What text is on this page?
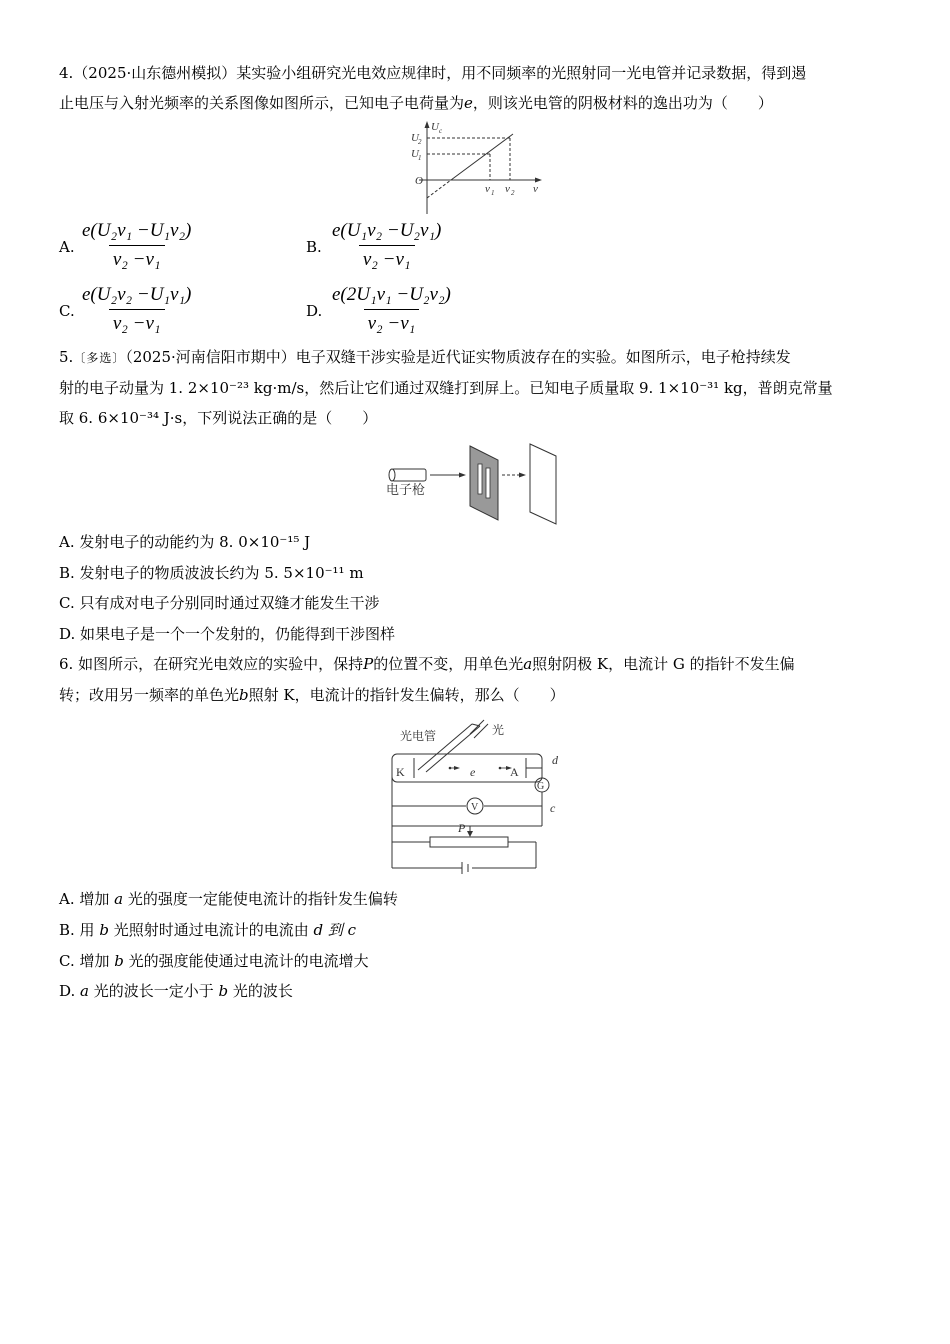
4.（2025·山东德州模拟）某实验小组研究光电效应规律时，用不同频率的光照射同一光电管并记录数据，得到遏
止电压与入射光频率的关系图像如图所示，已知电子电荷量为e，则该光电管的阴极材料的逸出功为（　　）
U c
U 2
U 1
O
ν 1 ν 2 ν
A. $\frac{\text{e(U₂v₁ −U₁v₂)}}{\text{v₂ −v₁}}$	B. $\frac{\text{e(U₁v₂ −U₂v₁)}}{\text{v₂ −v₁}}$
C. $\frac{\text{e(U₂v₂ −U₁v₁)}}{\text{v₂ −v₁}}$	D. $\frac{\text{e(2U₁v₁ −U₂v₂)}}{\text{v₂ −v₁}}$
5.〔多选〕（2025·河南信阳市期中）电子双缝干涉实验是近代证实物质波存在的实验。如图所示，电子枪持续发
射的电子动量为 1. 2×10⁻²³ kg·m/s，然后让它们通过双缝打到屏上。已知电子质量取 9. 1×10⁻³¹ kg，普朗克常量
取 6. 6×10⁻³⁴ J·s，下列说法正确的是（　　）
电子枪
A. 发射电子的动能约为 8. 0×10⁻¹⁵ J
B. 发射电子的物质波波长约为 5. 5×10⁻¹¹ m
C. 只有成对电子分别同时通过双缝才能发生干涉
D. 如果电子是一个一个发射的，仍能得到干涉图样
6. 如图所示，在研究光电效应的实验中，保持P的位置不变，用单色光a照射阴极 K，电流计 G 的指针不发生偏
转；改用另一频率的单色光b照射 K，电流计的指针发生偏转，那么（　　）
光电管	光
K	A
e
d
c
G
V
P
A. 增加 a 光的强度一定能使电流计的指针发生偏转
B. 用 b 光照射时通过电流计的电流由 d 到 c
C. 增加 b 光的强度能使通过电流计的电流增大
D. a 光的波长一定小于 b 光的波长
